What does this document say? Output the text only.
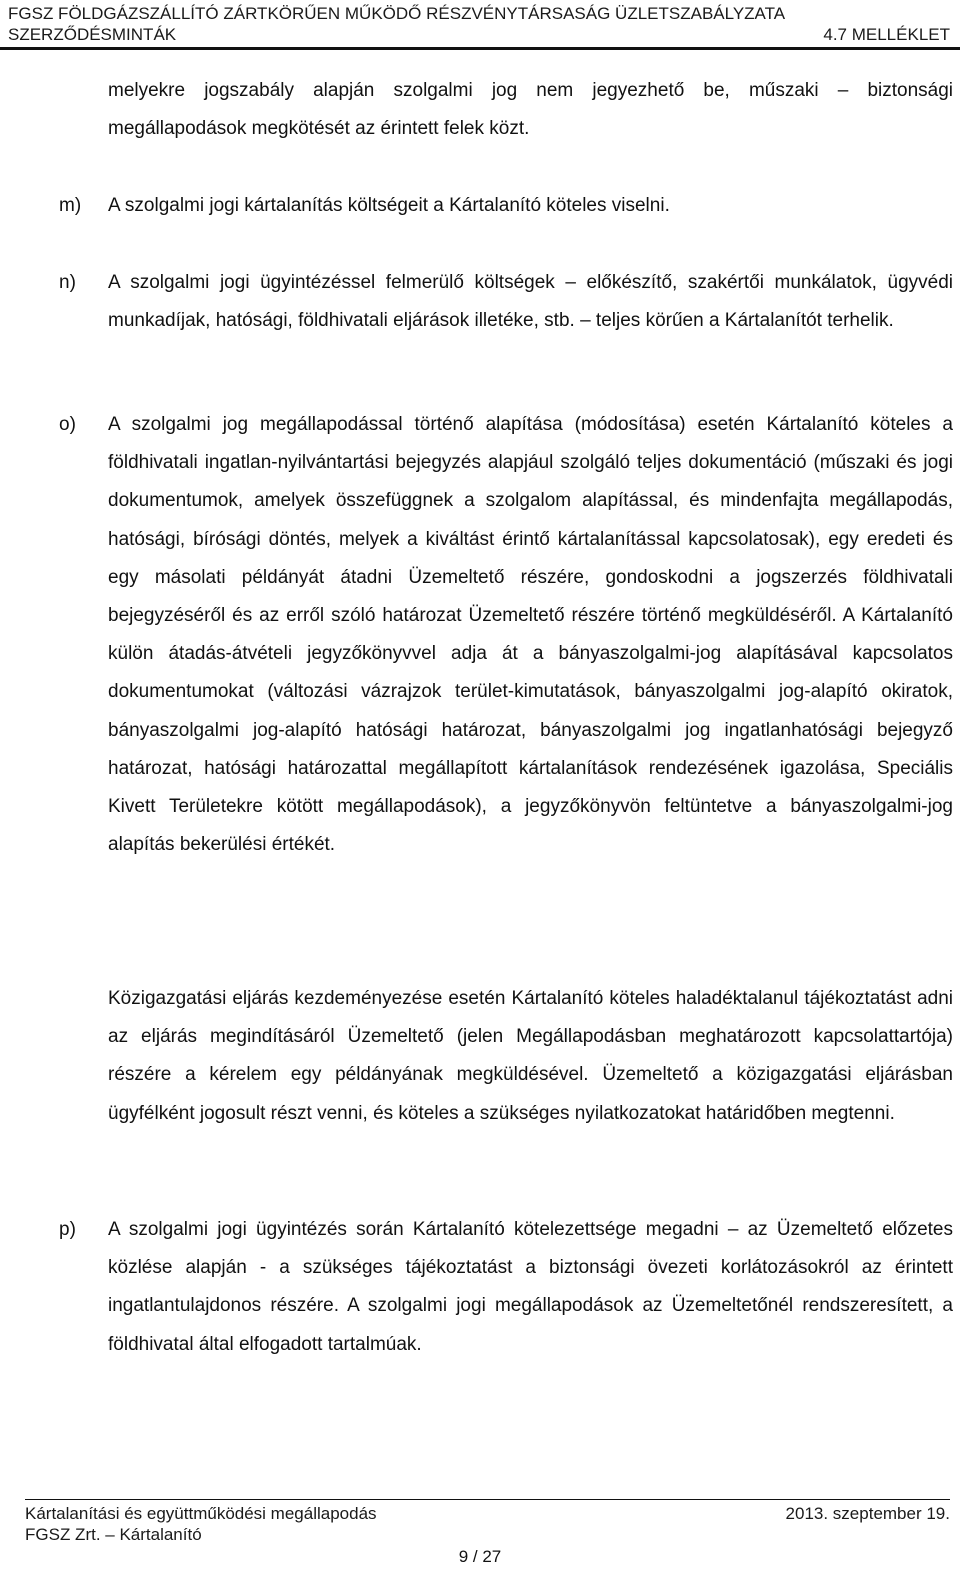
FGSZ FÖLDGÁZSZÁLLÍTÓ ZÁRTKÖRŰEN MŰKÖDŐ RÉSZVÉNYTÁRSASÁG ÜZLETSZABÁLYZATA
SZERZŐDÉSMINTÁK	4.7 MELLÉKLET
melyekre jogszabály alapján szolgalmi jog nem jegyezhető be, műszaki – biztonsági megállapodások megkötését az érintett felek közt.
m) A szolgalmi jogi kártalanítás költségeit a Kártalanító köteles viselni.
n) A szolgalmi jogi ügyintézéssel felmerülő költségek – előkészítő, szakértői munkálatok, ügyvédi munkadíjak, hatósági, földhivatali eljárások illetéke, stb. – teljes körűen a Kártalanítót terhelik.
o) A szolgalmi jog megállapodással történő alapítása (módosítása) esetén Kártalanító köteles a földhivatali ingatlan-nyilvántartási bejegyzés alapjául szolgáló teljes dokumentáció (műszaki és jogi dokumentumok, amelyek összefüggnek a szolgalom alapítással, és mindenfajta megállapodás, hatósági, bírósági döntés, melyek a kiváltást érintő kártalanítással kapcsolatosak), egy eredeti és egy másolati példányát átadni Üzemeltető részére, gondoskodni a jogszerzés földhivatali bejegyzéséről és az erről szóló határozat Üzemeltető részére történő megküldéséről. A Kártalanító külön átadás-átvételi jegyzőkönyvvel adja át a bányaszolgalmi-jog alapításával kapcsolatos dokumentumokat (változási vázrajzok terület-kimutatások, bányaszolgalmi jog-alapító okiratok, bányaszolgalmi jog-alapító hatósági határozat, bányaszolgalmi jog ingatlanhatósági bejegyző határozat, hatósági határozattal megállapított kártalanítások rendezésének igazolása, Speciális Kivett Területekre kötött megállapodások), a jegyzőkönyvön feltüntetve a bányaszolgalmi-jog alapítás bekerülési értékét.
Közigazgatási eljárás kezdeményezése esetén Kártalanító köteles haladéktalanul tájékoztatást adni az eljárás megindításáról Üzemeltető (jelen Megállapodásban meghatározott kapcsolattartója) részére a kérelem egy példányának megküldésével. Üzemeltető a közigazgatási eljárásban ügyfélként jogosult részt venni, és köteles a szükséges nyilatkozatokat határidőben megtenni.
p) A szolgalmi jogi ügyintézés során Kártalanító kötelezettsége megadni – az Üzemeltető előzetes közlése alapján - a szükséges tájékoztatást a biztonsági övezeti korlátozásokról az érintett ingatlantulajdonos részére. A szolgalmi jogi megállapodások az Üzemeltetőnél rendszeresített, a földhivatal által elfogadott tartalmúak.
Kártalanítási és együttműködési megállapodás
FGSZ Zrt. – Kártalanító
2013. szeptember 19.
9 / 27
